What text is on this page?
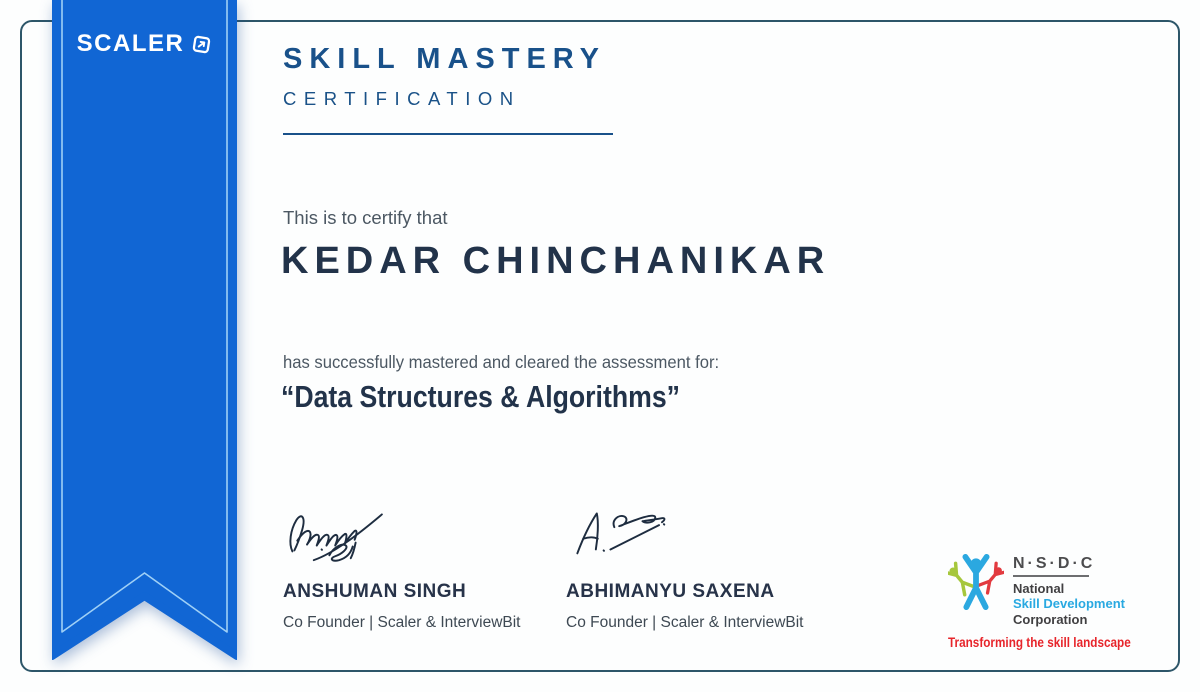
SCALER	SKILL MASTERY
CERTIFICATION
This is to certify that
KEDAR CHINCHANIKAR
has successfully mastered and cleared the assessment for:
“Data Structures & Algorithms”
ANSHUMAN SINGH
Co Founder | Scaler & InterviewBit
ABHIMANYU SAXENA
Co Founder | Scaler & InterviewBit
N·S·D·C
National
Skill Development
Corporation
Transforming the skill landscape
